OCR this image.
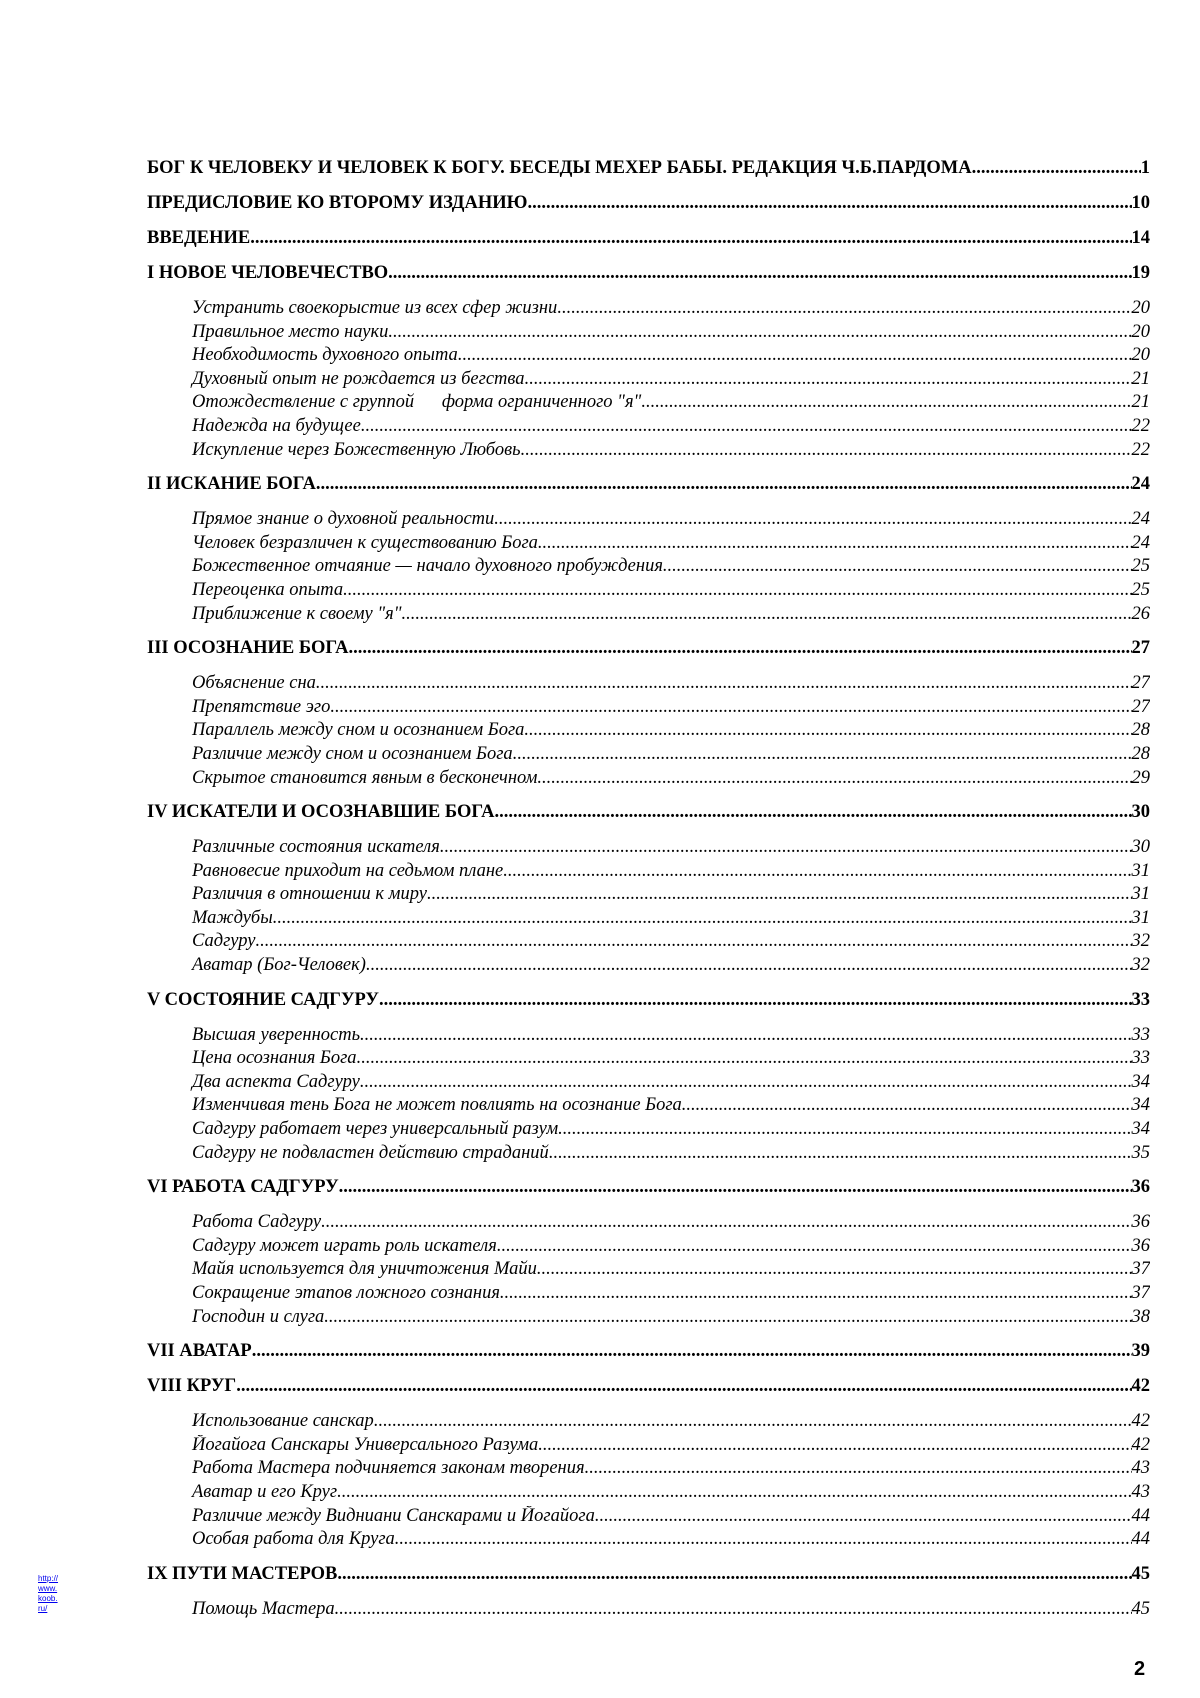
БОГ К ЧЕЛОВЕКУ И ЧЕЛОВЕК К БОГУ. БЕСЕДЫ МЕХЕР БАБЫ. РЕДАКЦИЯ Ч.Б.ПАРДОМА .....	1
ПРЕДИСЛОВИЕ КО ВТОРОМУ ИЗДАНИЮ .....	10
ВВЕДЕНИЕ .....	14
I НОВОЕ ЧЕЛОВЕЧЕСТВО .....	19
Устранить своекорыстие из всех сфер жизни .....	20
Правильное место науки .....	20
Необходимость духовного опыта .....	20
Духовный опыт не рождается из бегства .....	21
Отождествление с группой      форма ограниченного "я" .....	21
Надежда на будущее .....	22
Искупление через Божественную Любовь .....	22
II ИСКАНИЕ БОГА .....	24
Прямое знание о духовной реальности .....	24
Человек безразличен к существованию Бога .....	24
Божественное отчаяние — начало духовного пробуждения .....	25
Переоценка опыта .....	25
Приближение к своему "я" .....	26
III ОСОЗНАНИЕ БОГА .....	27
Объяснение сна .....	27
Препятствие эго .....	27
Параллель между сном и осознанием Бога .....	28
Различие между сном и осознанием Бога .....	28
Скрытое становится явным в бесконечном .....	29
IV ИСКАТЕЛИ И ОСОЗНАВШИЕ БОГА .....	30
Различные состояния искателя .....	30
Равновесие приходит на седьмом плане .....	31
Различия в отношении к миру .....	31
Маждубы .....	31
Садгуру .....	32
Аватар (Бог-Человек) .....	32
V СОСТОЯНИЕ САДГУРУ .....	33
Высшая уверенность .....	33
Цена осознания Бога .....	33
Два аспекта Садгуру .....	34
Изменчивая тень Бога не может повлиять на осознание Бога .....	34
Садгуру работает через универсальный разум .....	34
Садгуру не подвластен действию страданий .....	35
VI РАБОТА САДГУРУ .....	36
Работа Садгуру .....	36
Садгуру может играть роль искателя .....	36
Майя используется для уничтожения Майи .....	37
Сокращение этапов ложного сознания .....	37
Господин и слуга .....	38
VII АВАТАР .....	39
VIII КРУГ .....	42
Использование санскар .....	42
Йогайога Санскары Универсального Разума .....	42
Работа Мастера подчиняется законам творения .....	43
Аватар и его Круг .....	43
Различие между Видниани Санскарами и Йогайога .....	44
Особая работа для Круга .....	44
IX ПУТИ МАСТЕРОВ .....	45
Помощь Мастера .....	45
http://www.koob.ru/
2
